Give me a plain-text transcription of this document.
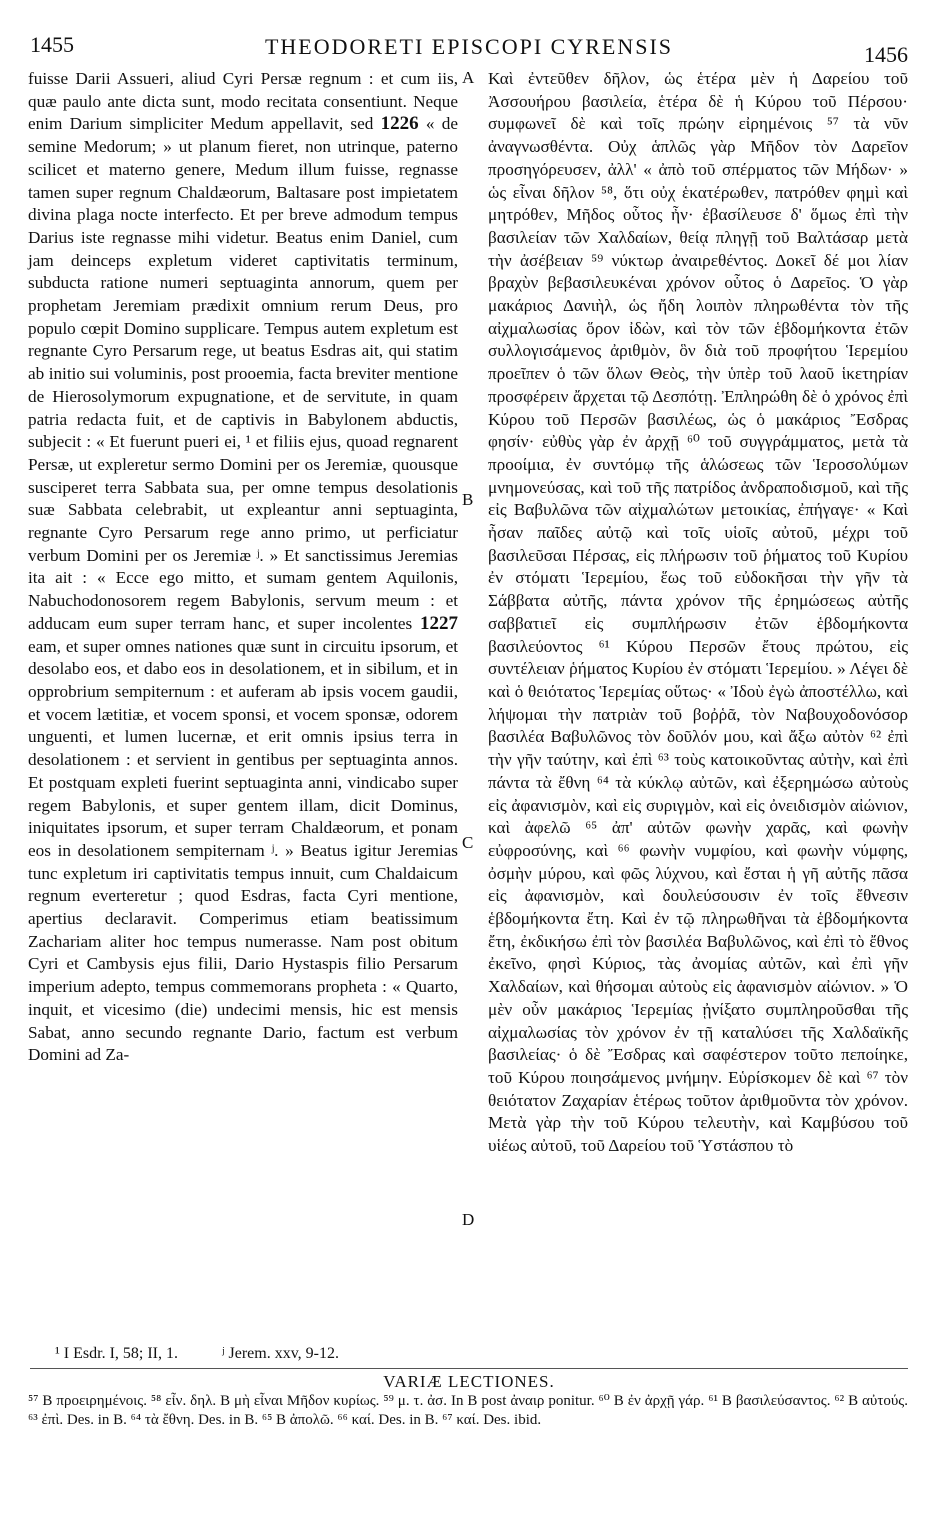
1455	THEODORETI EPISCOPI CYRENSIS	1456

fuisse Darii Assueri, aliud Cyri Persæ regnum : et cum iis, quæ paulo ante dicta sunt, modo recitata consentiunt. Neque enim Darium simpliciter Medum appellavit, sed 1226 « de semine Medorum; » ut planum fieret, non utrinque, paterno scilicet et materno genere, Medum illum fuisse, regnasse tamen super regnum Chaldæorum, Baltasare post impietatem divina plaga nocte interfecto. Et per breve admodum tempus Darius iste regnasse mihi videtur. Beatus enim Daniel, cum jam deinceps expletum videret captivitatis terminum, subducta ratione numeri septuaginta annorum, quem per prophetam Jeremiam prædixit omnium rerum Deus, pro populo cœpit Domino supplicare. Tempus autem expletum est regnante Cyro Persarum rege, ut beatus Esdras ait, qui statim ab initio sui voluminis, post prooemia, facta breviter mentione de Hierosolymorum expugnatione, et de servitute, in quam patria redacta fuit, et de captivis in Babylonem abductis, subjecit : « Et fuerunt pueri ei, ¹ et filiis ejus, quoad regnarent Persæ, ut expleretur sermo Domini per os Jeremiæ, quousque susciperet terra Sabbata sua, per omne tempus desolationis suæ Sabbata celebrabit, ut expleantur anni septuaginta, regnante Cyro Persarum rege anno primo, ut perficiatur verbum Domini per os Jeremiæ ʲ. » Et sanctissimus Jeremias ita ait : « Ecce ego mitto, et sumam gentem Aquilonis, Nabuchodonosorem regem Babylonis, servum meum : et adducam eum super terram hanc, et super incolentes 1227 eam, et super omnes nationes quæ sunt in circuitu ipsorum, et desolabo eos, et dabo eos in desolationem, et in sibilum, et in opprobrium sempiternum : et auferam ab ipsis vocem gaudii, et vocem lætitiæ, et vocem sponsi, et vocem sponsæ, odorem unguenti, et lumen lucernæ, et erit omnis ipsius terra in desolationem : et servient in gentibus per septuaginta annos. Et postquam expleti fuerint septuaginta anni, vindicabo super regem Babylonis, et super gentem illam, dicit Dominus, iniquitates ipsorum, et super terram Chaldæorum, et ponam eos in desolationem sempiternam ʲ. » Beatus igitur Jeremias tunc expletum iri captivitatis tempus innuit, cum Chaldaicum regnum everteretur ; quod Esdras, facta Cyri mentione, apertius declaravit. Comperimus etiam beatissimum Zachariam aliter hoc tempus numerasse. Nam post obitum Cyri et Cambysis ejus filii, Dario Hystaspis filio Persarum imperium adepto, tempus commemorans propheta : « Quarto, inquit, et vicesimo (die) undecimi mensis, hic est mensis Sabat, anno secundo regnante Dario, factum est verbum Domini ad Za-

A
B
C
D

Καὶ ἐντεῦθεν δῆλον, ὡς ἑτέρα μὲν ἡ Δαρείου τοῦ Ἀσσουήρου βασιλεία, ἑτέρα δὲ ἡ Κύρου τοῦ Πέρσου· συμφωνεῖ δὲ καὶ τοῖς πρώην εἰρημένοις ⁵⁷ τὰ νῦν ἀναγνωσθέντα. Οὐχ ἁπλῶς γὰρ Μῆδον τὸν Δαρεῖον προσηγόρευσεν, ἀλλ' « ἀπὸ τοῦ σπέρματος τῶν Μήδων· » ὡς εἶναι δῆλον ⁵⁸, ὅτι οὐχ ἑκατέρωθεν, πατρόθεν φημὶ καὶ μητρόθεν, Μῆδος οὗτος ἦν· ἐβασίλευσε δ' ὅμως ἐπὶ τὴν βασιλείαν τῶν Χαλδαίων, θείᾳ πληγῇ τοῦ Βαλτάσαρ μετὰ τὴν ἀσέβειαν ⁵⁹ νύκτωρ ἀναιρεθέντος. Δοκεῖ δέ μοι λίαν βραχὺν βεβασιλευκέναι χρόνον οὗτος ὁ Δαρεῖος. Ὁ γὰρ μακάριος Δανιὴλ, ὡς ἤδη λοιπὸν πληρωθέντα τὸν τῆς αἰχμαλωσίας ὅρον ἰδὼν, καὶ τὸν τῶν ἑβδομήκοντα ἐτῶν συλλογισάμενος ἀριθμὸν, ὃν διὰ τοῦ προφήτου Ἱερεμίου προεῖπεν ὁ τῶν ὅλων Θεὸς, τὴν ὑπὲρ τοῦ λαοῦ ἱκετηρίαν προσφέρειν ἄρχεται τῷ Δεσπότῃ. Ἐπληρώθη δὲ ὁ χρόνος ἐπὶ Κύρου τοῦ Περσῶν βασιλέως, ὡς ὁ μακάριος Ἔσδρας φησίν· εὐθὺς γὰρ ἐν ἀρχῇ ⁶⁰ τοῦ συγγράμματος, μετὰ τὰ προοίμια, ἐν συντόμῳ τῆς ἁλώσεως τῶν Ἱεροσολύμων μνημονεύσας, καὶ τοῦ τῆς πατρίδος ἀνδραποδισμοῦ, καὶ τῆς εἰς Βαβυλῶνα τῶν αἰχμαλώτων μετοικίας, ἐπήγαγε· « Καὶ ἦσαν παῖδες αὐτῷ καὶ τοῖς υἱοῖς αὐτοῦ, μέχρι τοῦ βασιλεῦσαι Πέρσας, εἰς πλήρωσιν τοῦ ῥήματος τοῦ Κυρίου ἐν στόματι Ἱερεμίου, ἕως τοῦ εὐδοκῆσαι τὴν γῆν τὰ Σάββατα αὐτῆς, πάντα χρόνον τῆς ἐρημώσεως αὐτῆς σαββατιεῖ εἰς συμπλήρωσιν ἐτῶν ἑβδομήκοντα βασιλεύοντος ⁶¹ Κύρου Περσῶν ἔτους πρώτου, εἰς συντέλειαν ῥήματος Κυρίου ἐν στόματι Ἱερεμίου. » Λέγει δὲ καὶ ὁ θειότατος Ἱερεμίας οὕτως· « Ἰδοὺ ἐγὼ ἀποστέλλω, καὶ λήψομαι τὴν πατριὰν τοῦ βοῤῥᾶ, τὸν Ναβουχοδονόσορ βασιλέα Βαβυλῶνος τὸν δοῦλόν μου, καὶ ἄξω αὐτὸν ⁶² ἐπὶ τὴν γῆν ταύτην, καὶ ἐπὶ ⁶³ τοὺς κατοικοῦντας αὐτὴν, καὶ ἐπὶ πάντα τὰ ἔθνη ⁶⁴ τὰ κύκλῳ αὐτῶν, καὶ ἐξερημώσω αὐτοὺς εἰς ἀφανισμὸν, καὶ εἰς συριγμὸν, καὶ εἰς ὀνειδισμὸν αἰώνιον, καὶ ἀφελῶ ⁶⁵ ἀπ' αὐτῶν φωνὴν χαρᾶς, καὶ φωνὴν εὐφροσύνης, καὶ ⁶⁶ φωνὴν νυμφίου, καὶ φωνὴν νύμφης, ὀσμὴν μύρου, καὶ φῶς λύχνου, καὶ ἔσται ἡ γῆ αὐτῆς πᾶσα εἰς ἀφανισμὸν, καὶ δουλεύσουσιν ἐν τοῖς ἔθνεσιν ἑβδομήκοντα ἔτη. Καὶ ἐν τῷ πληρωθῆναι τὰ ἑβδομήκοντα ἔτη, ἐκδικήσω ἐπὶ τὸν βασιλέα Βαβυλῶνος, καὶ ἐπὶ τὸ ἔθνος ἐκεῖνο, φησὶ Κύριος, τὰς ἀνομίας αὐτῶν, καὶ ἐπὶ γῆν Χαλδαίων, καὶ θήσομαι αὐτοὺς εἰς ἀφανισμὸν αἰώνιον. » Ὁ μὲν οὖν μακάριος Ἱερεμίας ᾐνίξατο συμπληροῦσθαι τῆς αἰχμαλωσίας τὸν χρόνον ἐν τῇ καταλύσει τῆς Χαλδαϊκῆς βασιλείας· ὁ δὲ Ἔσδρας καὶ σαφέστερον τοῦτο πεποίηκε, τοῦ Κύρου ποιησάμενος μνήμην. Εὑρίσκομεν δὲ καὶ ⁶⁷ τὸν θειότατον Ζαχαρίαν ἑτέρως τοῦτον ἀριθμοῦντα τὸν χρόνον. Μετὰ γὰρ τὴν τοῦ Κύρου τελευτὴν, καὶ Καμβύσου τοῦ υἱέως αὐτοῦ, τοῦ Δαρείου τοῦ Ὑστάσπου τὸ

¹ I Esdr. I, 58; II, 1.	ʲ Jerem. xxv, 9-12.
VARIÆ LECTIONES.
⁵⁷ B προειρημένοις. ⁵⁸ εἶν. δηλ. B μὴ εἶναι Μῆδον κυρίως. ⁵⁹ μ. τ. ἀσ. In B post ἀναιρ ponitur. ⁶⁰ B ἐν ἀρχῇ γάρ. ⁶¹ B βασιλεύσαντος. ⁶² B αὐτούς. ⁶³ ἐπὶ. Des. in B. ⁶⁴ τὰ ἔθνη. Des. in B. ⁶⁵ B ἀπολῶ. ⁶⁶ καί. Des. in B. ⁶⁷ καί. Des. ibid.
